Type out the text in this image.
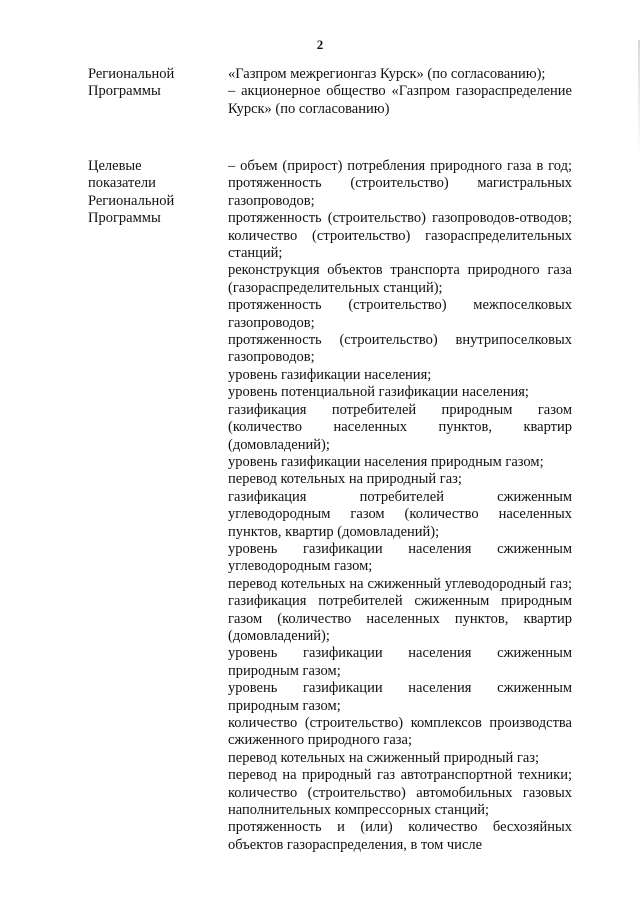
2
Региональной
Программы

«Газпром межрегионгаз Курск» (по согласованию);

– акционерное общество «Газпром газораспределение Курск» (по согласованию)

Целевые
показатели
Региональной
Программы

– объем (прирост) потребления природного газа в год; протяженность (строительство) магистральных газопроводов;

протяженность (строительство) газопроводов-отводов; количество (строительство) газораспределительных станций;

реконструкция объектов транспорта природного газа (газораспределительных станций);

протяженность (строительство) межпоселковых газопроводов;

протяженность (строительство) внутрипоселковых газопроводов;

уровень газификации населения;

уровень потенциальной газификации населения;

газификация потребителей природным газом (количество населенных пунктов, квартир (домовладений);

уровень газификации населения природным газом;

перевод котельных на природный газ;

газификация потребителей сжиженным углеводородным газом (количество населенных пунктов, квартир (домовладений);

уровень газификации населения сжиженным углеводородным газом;

перевод котельных на сжиженный углеводородный газ; газификация потребителей сжиженным природным газом (количество населенных пунктов, квартир (домовладений);

уровень газификации населения сжиженным природным газом;

уровень газификации населения сжиженным природным газом;

количество (строительство) комплексов производства сжиженного природного газа;

перевод котельных на сжиженный природный газ;

перевод на природный газ автотранспортной техники; количество (строительство) автомобильных газовых наполнительных компрессорных станций;

протяженность и (или) количество бесхозяйных объектов газораспределения, в том числе
